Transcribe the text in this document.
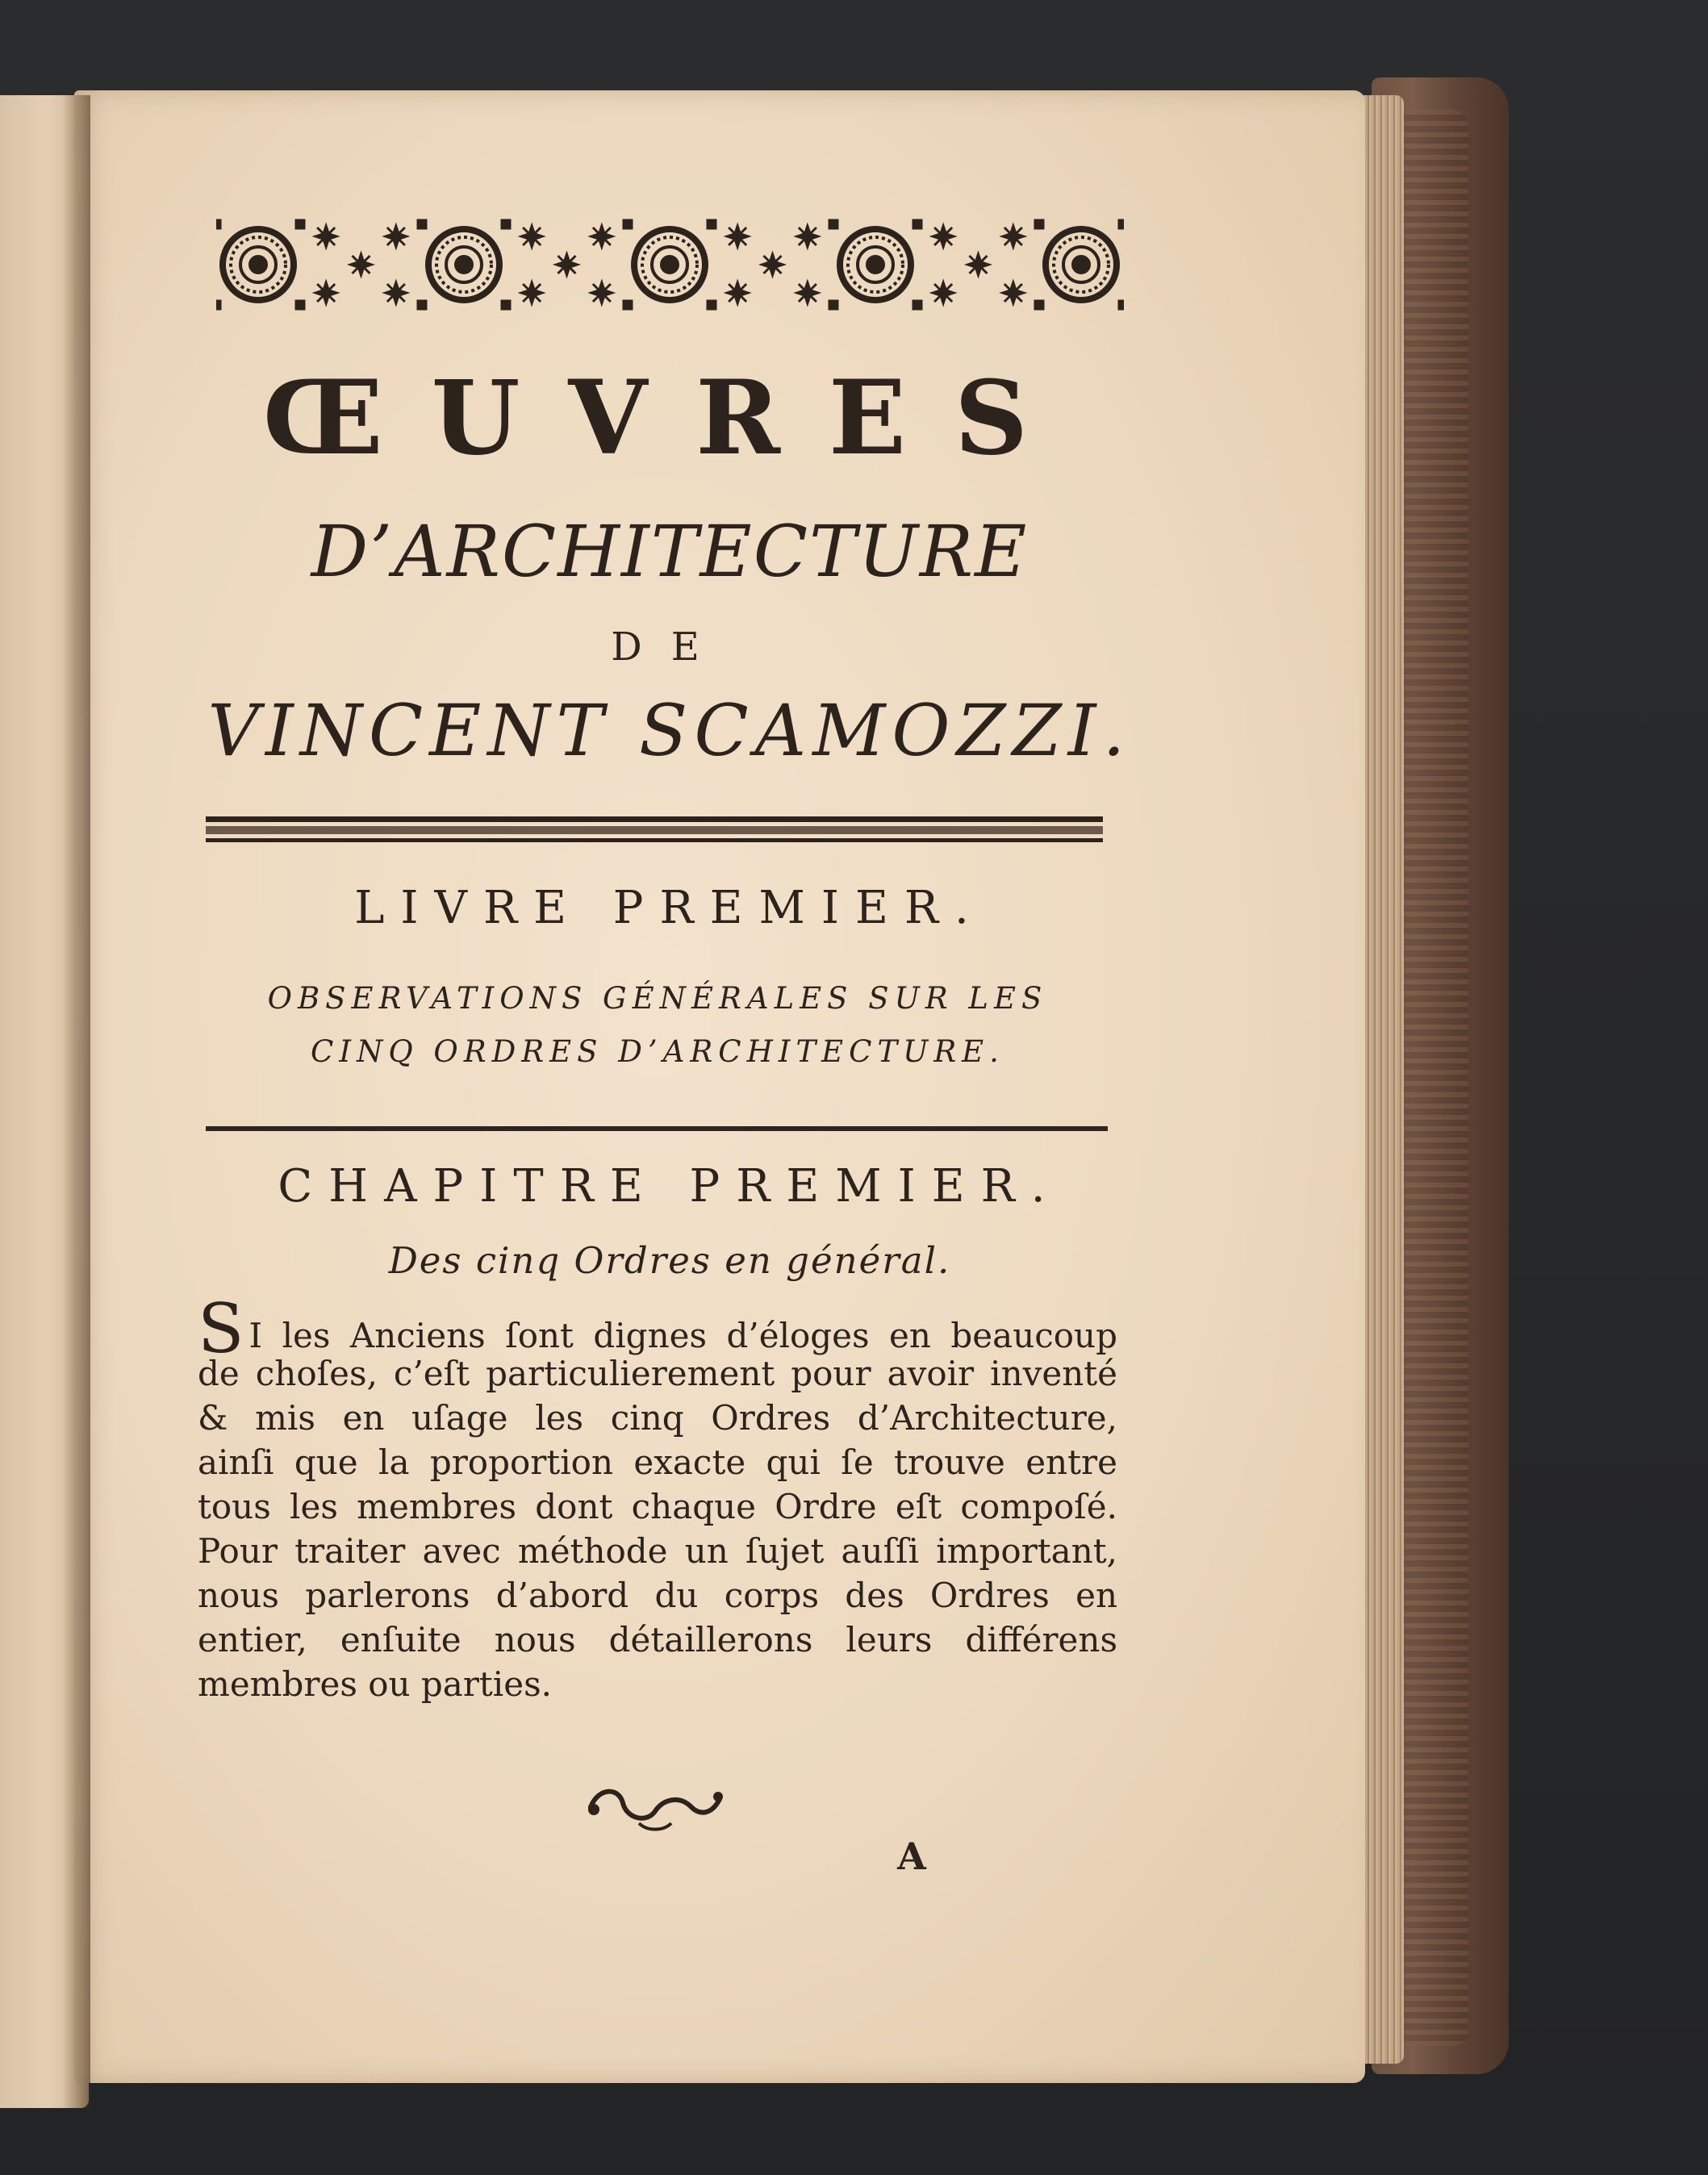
ŒUVRES
D’ARCHITECTURE
DE
VINCENT SCAMOZZI.
LIVRE PREMIER.
OBSERVATIONS GÉNÉRALES SUR LES
CINQ ORDRES D’ARCHITECTURE.
CHAPITRE PREMIER.
Des cinq Ordres en général.
S I les Anciens ſont dignes d’éloges en beaucoup
de choſes, c’eſt particulierement pour avoir inventé
& mis en uſage les cinq Ordres d’Architecture,
ainſi que la proportion exacte qui ſe trouve entre
tous les membres dont chaque Ordre eſt compoſé.
Pour traiter avec méthode un ſujet auſſi important,
nous parlerons d’abord du corps des Ordres en
entier, enſuite nous détaillerons leurs différens
membres ou parties.
A
